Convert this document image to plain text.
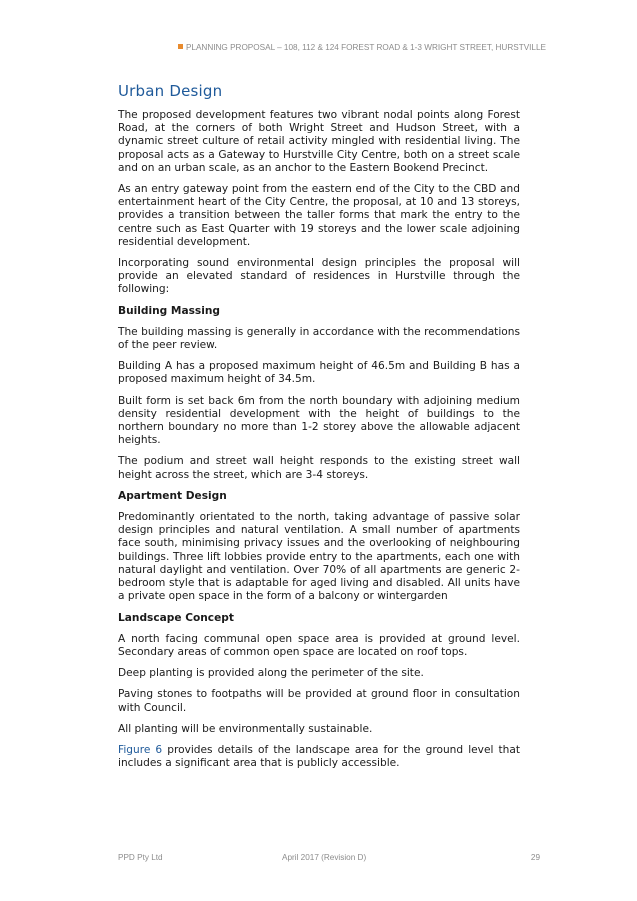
PLANNING PROPOSAL – 108, 112 & 124 FOREST ROAD & 1-3 WRIGHT STREET, HURSTVILLE
Urban Design

The proposed development features two vibrant nodal points along Forest Road, at the corners of both Wright Street and Hudson Street, with a dynamic street culture of retail activity mingled with residential living. The proposal acts as a Gateway to Hurstville City Centre, both on a street scale and on an urban scale, as an anchor to the Eastern Bookend Precinct.

As an entry gateway point from the eastern end of the City to the CBD and entertainment heart of the City Centre, the proposal, at 10 and 13 storeys, provides a transition between the taller forms that mark the entry to the centre such as East Quarter with 19 storeys and the lower scale adjoining residential development.

Incorporating sound environmental design principles the proposal will provide an elevated standard of residences in Hurstville through the following:

Building Massing

The building massing is generally in accordance with the recommendations of the peer review.

Building A has a proposed maximum height of 46.5m and Building B has a proposed maximum height of 34.5m.

Built form is set back 6m from the north boundary with adjoining medium density residential development with the height of buildings to the northern boundary no more than 1-2 storey above the allowable adjacent heights.

The podium and street wall height responds to the existing street wall height across the street, which are 3-4 storeys.

Apartment Design

Predominantly orientated to the north, taking advantage of passive solar design principles and natural ventilation. A small number of apartments face south, minimising privacy issues and the overlooking of neighbouring buildings. Three lift lobbies provide entry to the apartments, each one with natural daylight and ventilation. Over 70% of all apartments are generic 2-bedroom style that is adaptable for aged living and disabled. All units have a private open space in the form of a balcony or wintergarden

Landscape Concept

A north facing communal open space area is provided at ground level. Secondary areas of common open space are located on roof tops.

Deep planting is provided along the perimeter of the site.

Paving stones to footpaths will be provided at ground floor in consultation with Council.

All planting will be environmentally sustainable.

Figure 6 provides details of the landscape area for the ground level that includes a significant area that is publicly accessible.

PPD Pty Ltd	April 2017 (Revision D)	29
